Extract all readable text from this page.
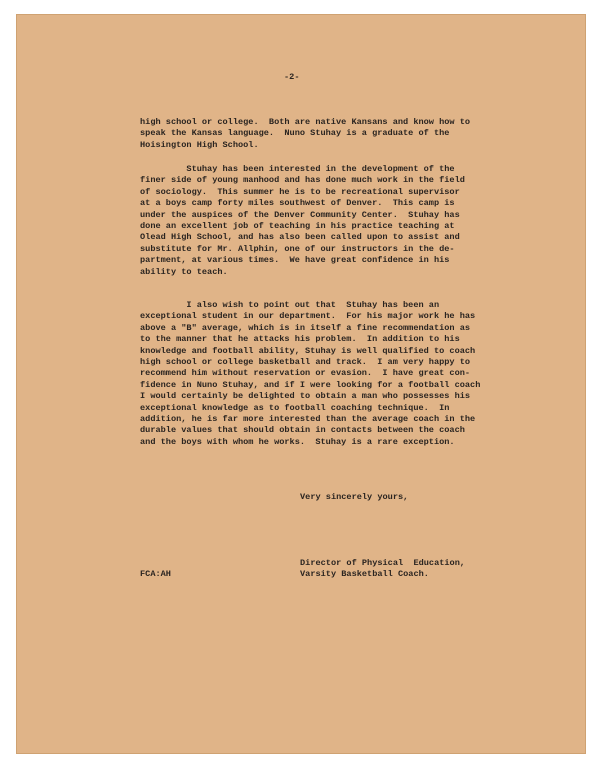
-2-
high school or college.  Both are native Kansans and know how to
speak the Kansas language.  Nuno Stuhay is a graduate of the
Hoisington High School.
Stuhay has been interested in the development of the
finer side of young manhood and has done much work in the field
of sociology.  This summer he is to be recreational supervisor
at a boys camp forty miles southwest of Denver.  This camp is
under the auspices of the Denver Community Center.  Stuhay has
done an excellent job of teaching in his practice teaching at
Olead High School, and has also been called upon to assist and
substitute for Mr. Allphin, one of our instructors in the de-
partment, at various times.  We have great confidence in his
ability to teach.
I also wish to point out that  Stuhay has been an
exceptional student in our department.  For his major work he has
above a "B" average, which is in itself a fine recommendation as
to the manner that he attacks his problem.  In addition to his
knowledge and football ability, Stuhay is well qualified to coach
high school or college basketball and track.  I am very happy to
recommend him without reservation or evasion.  I have great con-
fidence in Nuno Stuhay, and if I were looking for a football coach
I would certainly be delighted to obtain a man who possesses his
exceptional knowledge as to football coaching technique.  In
addition, he is far more interested than the average coach in the
durable values that should obtain in contacts between the coach
and the boys with whom he works.  Stuhay is a rare exception.
Very sincerely yours,
Director of Physical  Education,
Varsity Basketball Coach.
FCA:AH
